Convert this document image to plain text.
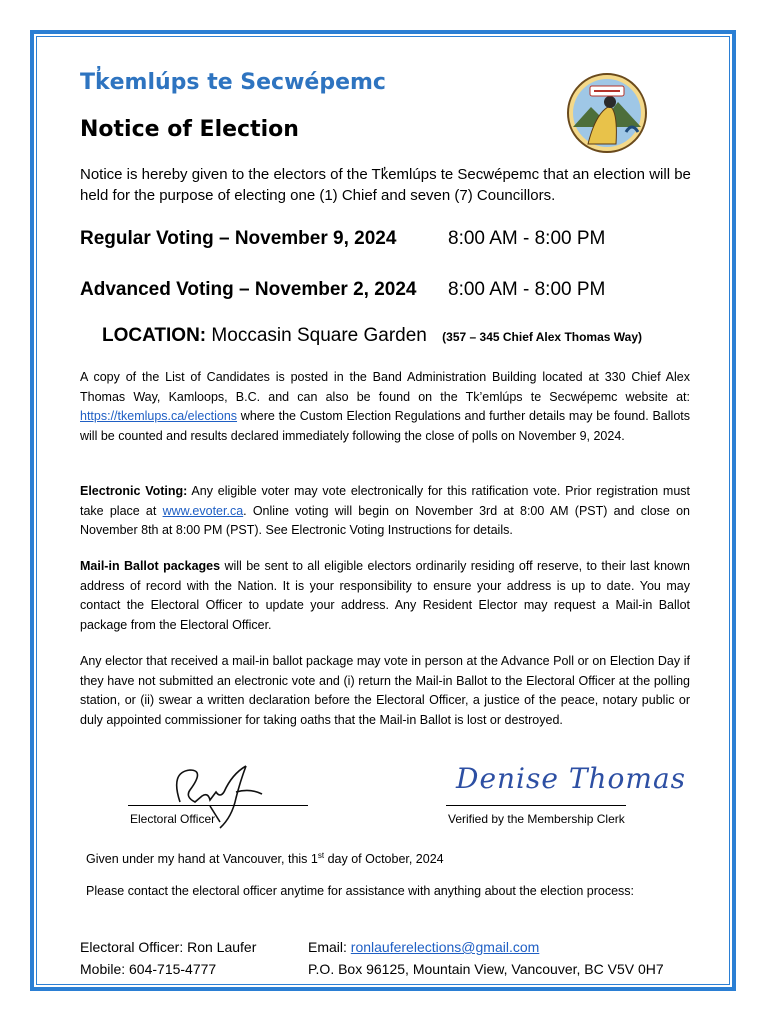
Tk̓emlúps te Secwépemc
Notice of Election
Notice is hereby given to the electors of the Tk̓emlúps te Secwépemc that an election will be held for the purpose of electing one (1) Chief and seven (7) Councillors.
Regular Voting – November 9, 2024	8:00 AM - 8:00 PM
Advanced Voting – November 2, 2024 8:00 AM - 8:00 PM
LOCATION: Moccasin Square Garden (357 – 345 Chief Alex Thomas Way)
A copy of the List of Candidates is posted in the Band Administration Building located at 330 Chief Alex Thomas Way, Kamloops, B.C. and can also be found on the Tk’emlúps te Secwépemc website at: https://tkemlups.ca/elections where the Custom Election Regulations and further details may be found. Ballots will be counted and results declared immediately following the close of polls on November 9, 2024.
Electronic Voting: Any eligible voter may vote electronically for this ratification vote. Prior registration must take place at www.evoter.ca. Online voting will begin on November 3rd at 8:00 AM (PST) and close on November 8th at 8:00 PM (PST). See Electronic Voting Instructions for details.
Mail-in Ballot packages will be sent to all eligible electors ordinarily residing off reserve, to their last known address of record with the Nation. It is your responsibility to ensure your address is up to date. You may contact the Electoral Officer to update your address. Any Resident Elector may request a Mail-in Ballot package from the Electoral Officer.
Any elector that received a mail-in ballot package may vote in person at the Advance Poll or on Election Day if they have not submitted an electronic vote and (i) return the Mail-in Ballot to the Electoral Officer at the polling station, or (ii) swear a written declaration before the Electoral Officer, a justice of the peace, notary public or duly appointed commissioner for taking oaths that the Mail-in Ballot is lost or destroyed.
Electoral Officer
Denise Thomas
Verified by the Membership Clerk
Given under my hand at Vancouver, this 1st day of October, 2024
Please contact the electoral officer anytime for assistance with anything about the election process:
Electoral Officer: Ron Laufer
Mobile: 604-715-4777
Email: ronlauferelections@gmail.com
P.O. Box 96125, Mountain View, Vancouver, BC V5V 0H7
